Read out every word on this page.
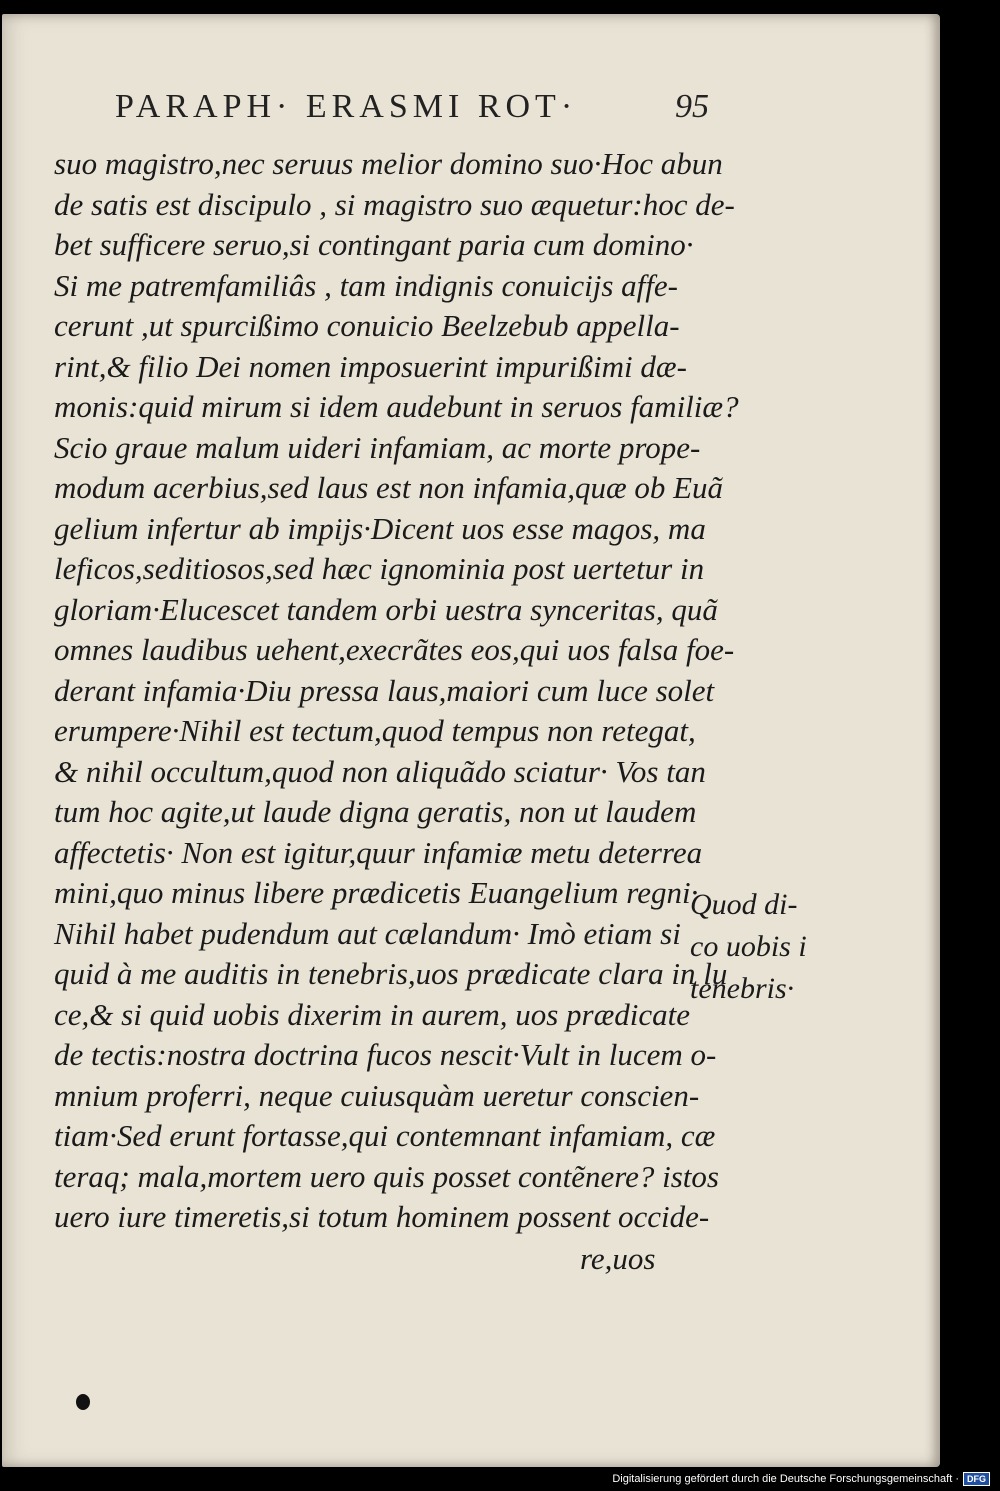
PARAPH· ERASMI ROT·	95
suo magistro,nec seruus melior domino suo·Hoc abun
de satis est discipulo , si magistro suo æquetur:hoc de-
bet sufficere seruo,si contingant paria cum domino·
Si me patremfamiliâs , tam indignis conuicijs affe-
cerunt ,ut spurcißimo conuicio Beelzebub appella-
rint,& filio Dei nomen imposuerint impurißimi dæ-
monis:quid mirum si idem audebunt in seruos familiæ?
Scio graue malum uideri infamiam, ac morte prope-
modum acerbius,sed laus est non infamia,quæ ob Euã
gelium infertur ab impijs·Dicent uos esse magos, ma
leficos,seditiosos,sed hæc ignominia post uertetur in
gloriam·Elucescet tandem orbi uestra synceritas, quã
omnes laudibus uehent,execrãtes eos,qui uos falsa foe-
derant infamia·Diu pressa laus,maiori cum luce solet
erumpere·Nihil est tectum,quod tempus non retegat,
& nihil occultum,quod non aliquãdo sciatur· Vos tan
tum hoc agite,ut laude digna geratis, non ut laudem
affectetis· Non est igitur,quur infamiæ metu deterrea
mini,quo minus libere prædicetis Euangelium regni·
Nihil habet pudendum aut cælandum· Imò etiam si
quid à me auditis in tenebris,uos prædicate clara in lu
ce,& si quid uobis dixerim in aurem, uos prædicate
de tectis:nostra doctrina fucos nescit·Vult in lucem o-
mnium proferri, neque cuiusquàm ueretur conscien-
tiam·Sed erunt fortasse,qui contemnant infamiam, cæ
teraq; mala,mortem uero quis posset contẽnere? istos
uero iure timeretis,si totum hominem possent occide-
re,uos
Quod di-
co uobis i
tenebris·
Digitalisierung gefördert durch die Deutsche Forschungsgemeinschaft · DFG
